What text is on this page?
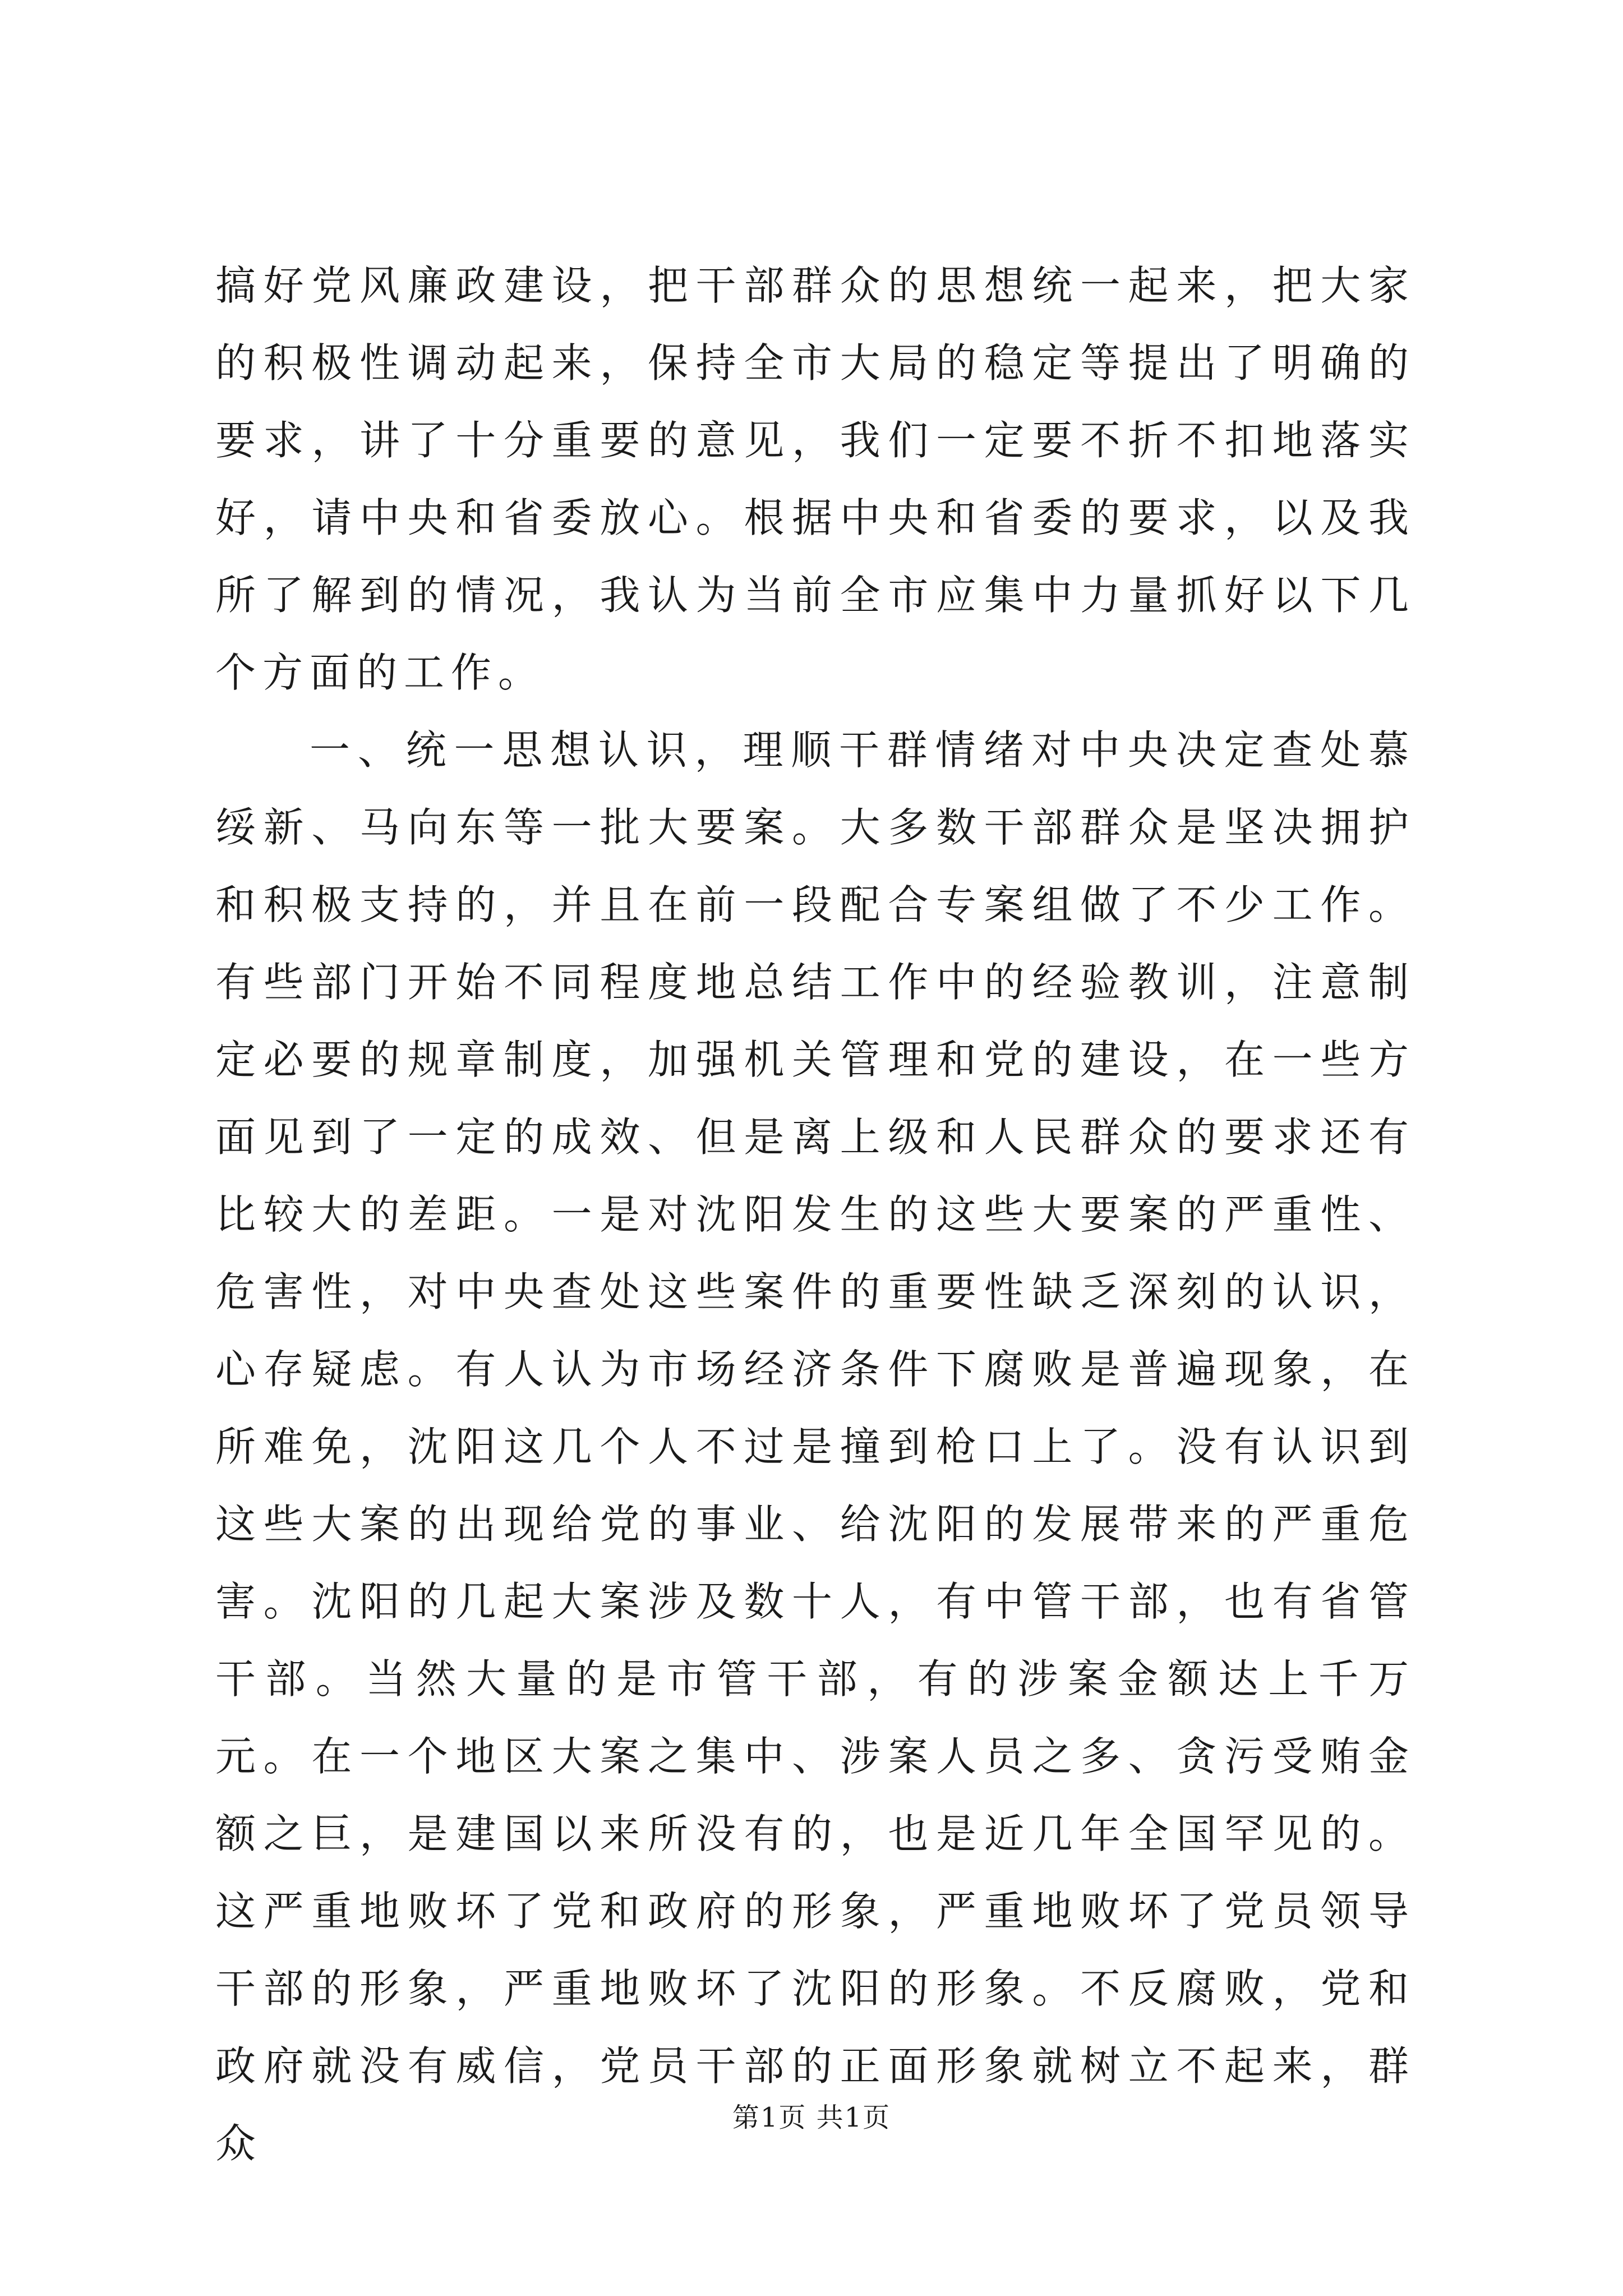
搞好党风廉政建设，把干部群众的思想统一起来，把大家的积极性调动起来，保持全市大局的稳定等提出了明确的要求，讲了十分重要的意见，我们一定要不折不扣地落实好，请中央和省委放心。根据中央和省委的要求，以及我所了解到的情况，我认为当前全市应集中力量抓好以下几个方面的工作。

一、统一思想认识，理顺干群情绪对中央决定查处慕绥新、马向东等一批大要案。大多数干部群众是坚决拥护和积极支持的，并且在前一段配合专案组做了不少工作。有些部门开始不同程度地总结工作中的经验教训，注意制定必要的规章制度，加强机关管理和党的建设，在一些方面见到了一定的成效、但是离上级和人民群众的要求还有比较大的差距。一是对沈阳发生的这些大要案的严重性、危害性，对中央查处这些案件的重要性缺乏深刻的认识，心存疑虑。有人认为市场经济条件下腐败是普遍现象，在所难免，沈阳这几个人不过是撞到枪口上了。没有认识到这些大案的出现给党的事业、给沈阳的发展带来的严重危害。沈阳的几起大案涉及数十人，有中管干部，也有省管干部。当然大量的是市管干部，有的涉案金额达上千万元。在一个地区大案之集中、涉案人员之多、贪污受贿金额之巨，是建国以来所没有的，也是近几年全国罕见的。这严重地败坏了党和政府的形象，严重地败坏了党员领导干部的形象，严重地败坏了沈阳的形象。不反腐败，党和政府就没有威信，党员干部的正面形象就树立不起来，群众

第1页 共1页
